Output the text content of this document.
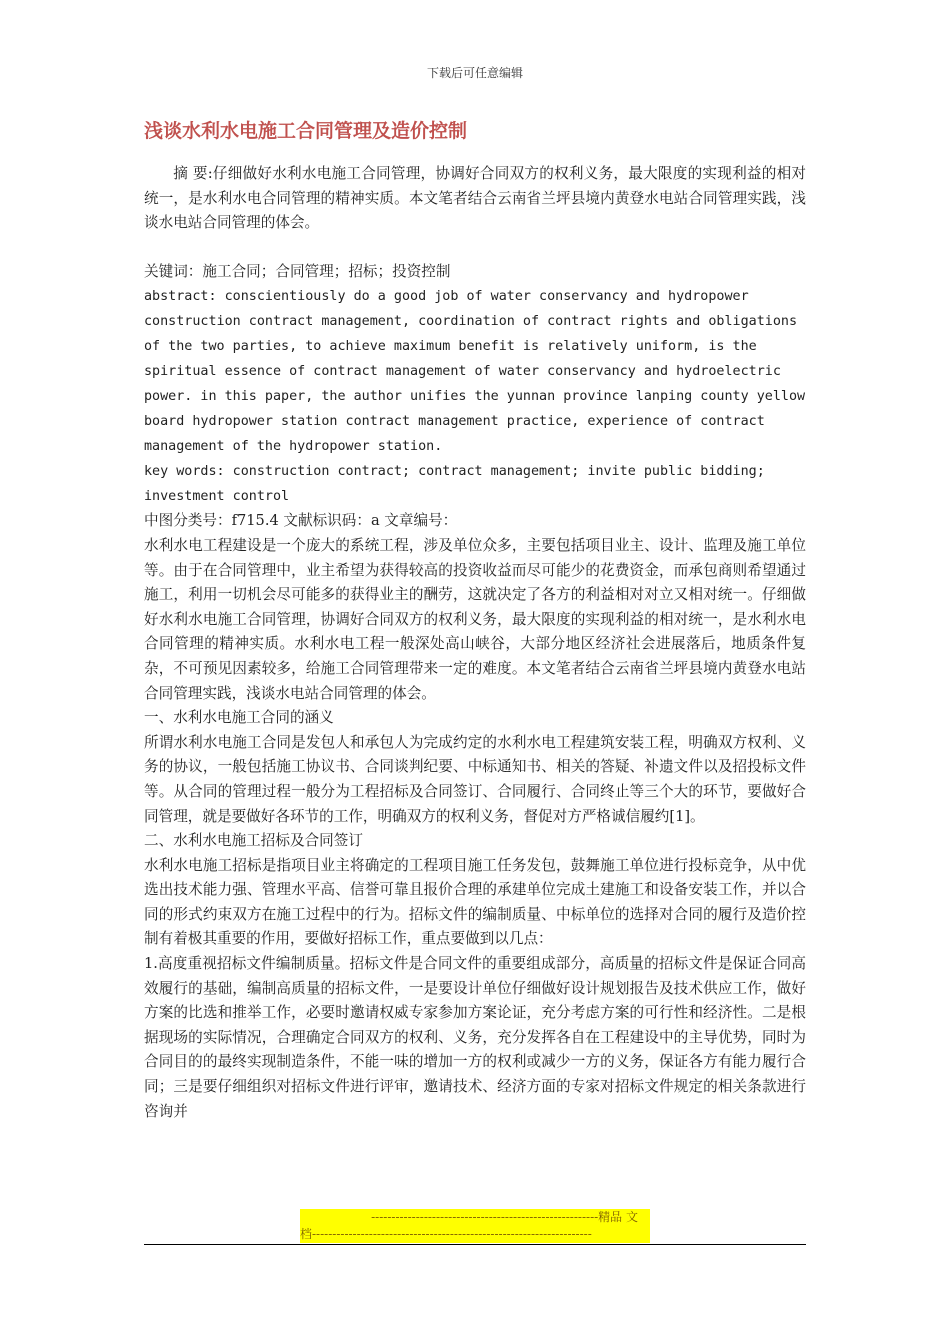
下载后可任意编辑
浅谈水利水电施工合同管理及造价控制

摘 要:仔细做好水利水电施工合同管理，协调好合同双方的权利义务，最大限度的实现利益的相对统一，是水利水电合同管理的精神实质。本文笔者结合云南省兰坪县境内黄登水电站合同管理实践，浅谈水电站合同管理的体会。

关键词：施工合同；合同管理；招标；投资控制

abstract: conscientiously do a good job of water conservancy and hydropower construction contract management, coordination of contract rights and obligations of the two parties, to achieve maximum benefit is relatively uniform, is the spiritual essence of contract management of water conservancy and hydroelectric power. in this paper, the author unifies the yunnan province lanping county yellow board hydropower station contract management practice, experience of contract management of the hydropower station.

key words: construction contract; contract management; invite public bidding; investment control

中图分类号：f715.4 文献标识码：a 文章编号：

水利水电工程建设是一个庞大的系统工程，涉及单位众多，主要包括项目业主、设计、监理及施工单位等。由于在合同管理中，业主希望为获得较高的投资收益而尽可能少的花费资金，而承包商则希望通过施工，利用一切机会尽可能多的获得业主的酬劳，这就决定了各方的利益相对对立又相对统一。仔细做好水利水电施工合同管理，协调好合同双方的权利义务，最大限度的实现利益的相对统一，是水利水电合同管理的精神实质。水利水电工程一般深处高山峡谷，大部分地区经济社会进展落后，地质条件复杂，不可预见因素较多，给施工合同管理带来一定的难度。本文笔者结合云南省兰坪县境内黄登水电站合同管理实践，浅谈水电站合同管理的体会。

一、水利水电施工合同的涵义

所谓水利水电施工合同是发包人和承包人为完成约定的水利水电工程建筑安装工程，明确双方权利、义务的协议，一般包括施工协议书、合同谈判纪要、中标通知书、相关的答疑、补遗文件以及招投标文件等。从合同的管理过程一般分为工程招标及合同签订、合同履行、合同终止等三个大的环节，要做好合同管理，就是要做好各环节的工作，明确双方的权利义务，督促对方严格诚信履约[1]。

二、水利水电施工招标及合同签订

水利水电施工招标是指项目业主将确定的工程项目施工任务发包，鼓舞施工单位进行投标竞争，从中优选出技术能力强、管理水平高、信誉可靠且报价合理的承建单位完成土建施工和设备安装工作，并以合同的形式约束双方在施工过程中的行为。招标文件的编制质量、中标单位的选择对合同的履行及造价控制有着极其重要的作用，要做好招标工作，重点要做到以几点：

1.高度重视招标文件编制质量。招标文件是合同文件的重要组成部分，高质量的招标文件是保证合同高效履行的基础，编制高质量的招标文件，一是要设计单位仔细做好设计规划报告及技术供应工作，做好方案的比选和推举工作，必要时邀请权威专家参加方案论证，充分考虑方案的可行性和经济性。二是根据现场的实际情况，合理确定合同双方的权利、义务，充分发挥各自在工程建设中的主导优势，同时为合同目的的最终实现制造条件，不能一味的增加一方的权利或减少一方的义务，保证各方有能力履行合同；三是要仔细组织对招标文件进行评审，邀请技术、经济方面的专家对招标文件规定的相关条款进行咨询并

--------------------------------------------------------精品 文
档---------------------------------------------------------------------
